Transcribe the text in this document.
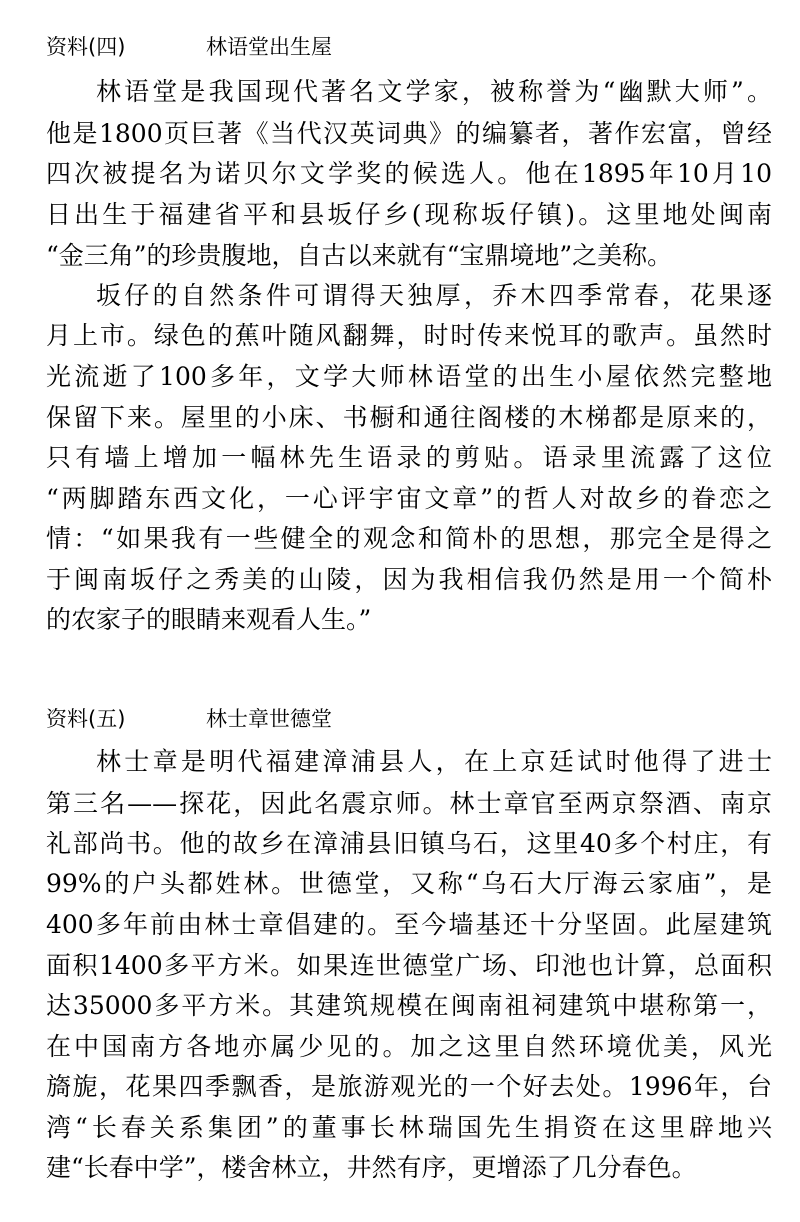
资料(四)	林语堂出生屋
林语堂是我国现代著名文学家，被称誉为“幽默大师”。
他是1800页巨著《当代汉英词典》的编纂者，著作宏富，曾经
四次被提名为诺贝尔文学奖的候选人。他在1895年10月10
日出生于福建省平和县坂仔乡(现称坂仔镇)。这里地处闽南
“金三角”的珍贵腹地，自古以来就有“宝鼎境地”之美称。
坂仔的自然条件可谓得天独厚，乔木四季常春，花果逐
月上市。绿色的蕉叶随风翻舞，时时传来悦耳的歌声。虽然时
光流逝了100多年，文学大师林语堂的出生小屋依然完整地
保留下来。屋里的小床、书橱和通往阁楼的木梯都是原来的，
只有墙上增加一幅林先生语录的剪贴。语录里流露了这位
“两脚踏东西文化，一心评宇宙文章”的哲人对故乡的眷恋之
情：“如果我有一些健全的观念和简朴的思想，那完全是得之
于闽南坂仔之秀美的山陵，因为我相信我仍然是用一个简朴
的农家子的眼睛来观看人生。”
资料(五)	林士章世德堂
林士章是明代福建漳浦县人，在上京廷试时他得了进士
第三名——探花，因此名震京师。林士章官至两京祭酒、南京
礼部尚书。他的故乡在漳浦县旧镇乌石，这里40多个村庄，有
99%的户头都姓林。世德堂，又称“乌石大厅海云家庙”，是
400多年前由林士章倡建的。至今墙基还十分坚固。此屋建筑
面积1400多平方米。如果连世德堂广场、印池也计算，总面积
达35000多平方米。其建筑规模在闽南祖祠建筑中堪称第一，
在中国南方各地亦属少见的。加之这里自然环境优美，风光
旖旎，花果四季飘香，是旅游观光的一个好去处。1996年，台
湾“长春关系集团”的董事长林瑞国先生捐资在这里辟地兴
建“长春中学”，楼舍林立，井然有序，更增添了几分春色。
